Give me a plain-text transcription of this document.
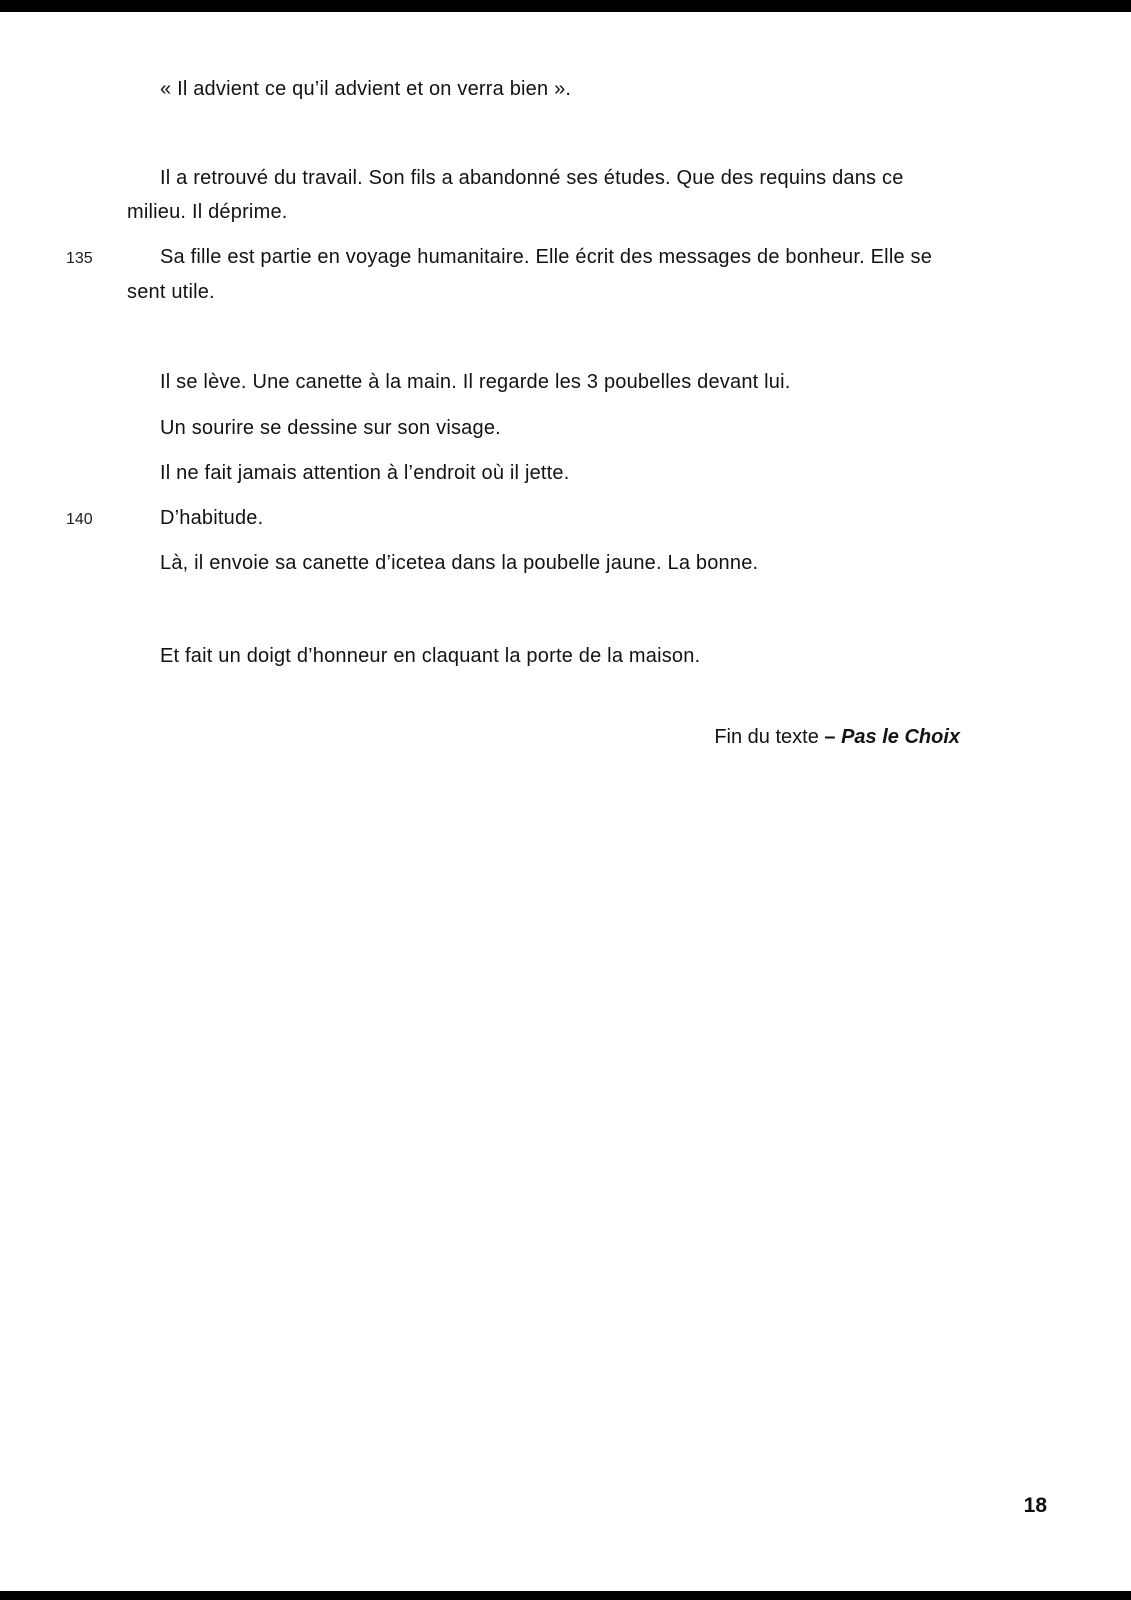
135
140
« Il advient ce qu’il advient et on verra bien ».
Il a retrouvé du travail. Son fils a abandonné ses études. Que des requins dans ce
milieu. Il déprime.
Sa fille est partie en voyage humanitaire. Elle écrit des messages de bonheur. Elle se
sent utile.
Il se lève. Une canette à la main. Il regarde les 3 poubelles devant lui.
Un sourire se dessine sur son visage.
Il ne fait jamais attention à l’endroit où il jette.
D’habitude.
Là, il envoie sa canette d’icetea dans la poubelle jaune. La bonne.
Et fait un doigt d’honneur en claquant la porte de la maison.
Fin du texte – Pas le Choix
18
